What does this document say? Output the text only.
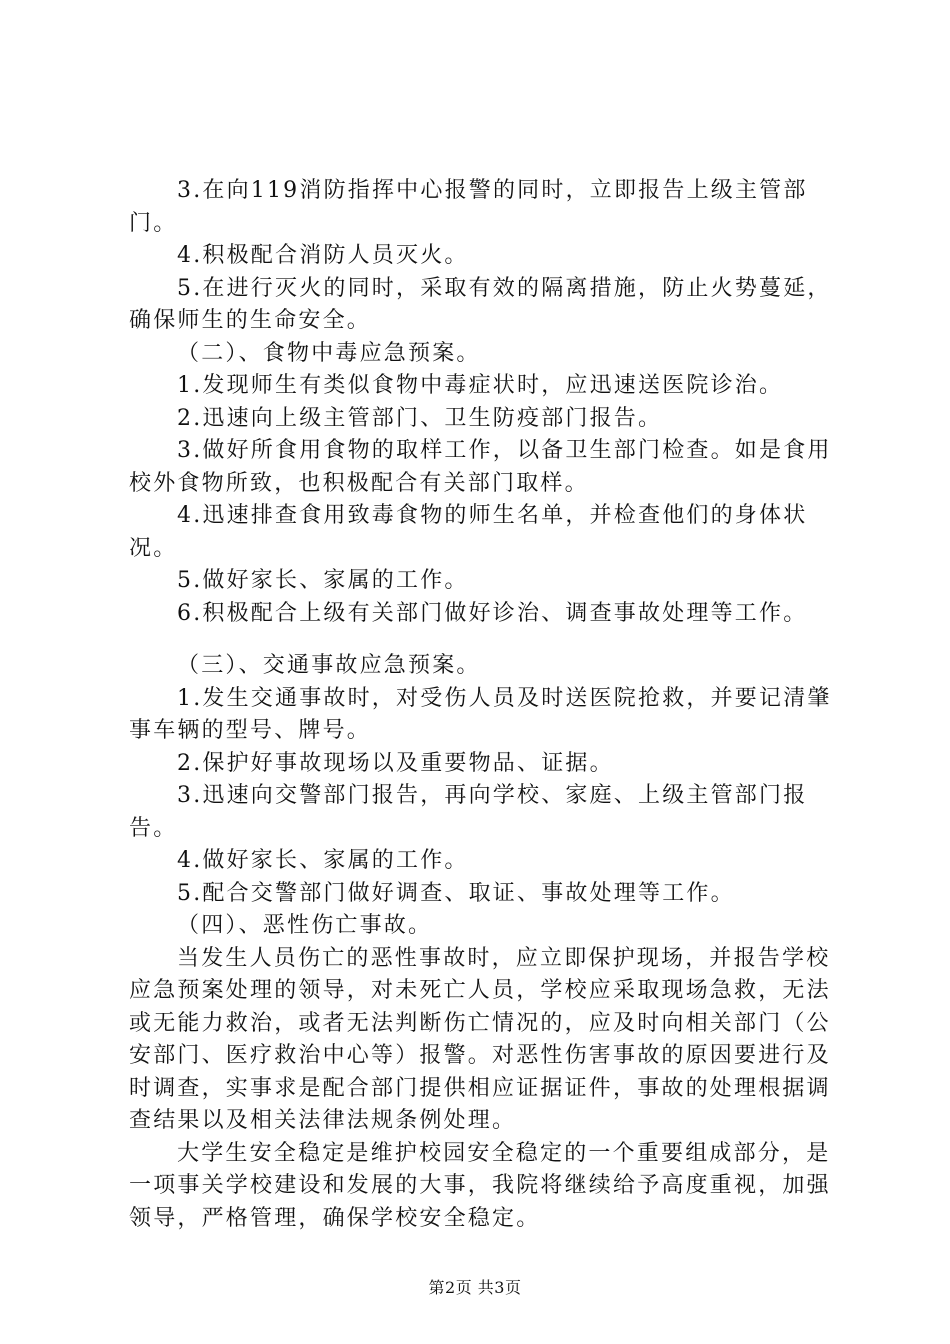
3.在向119消防指挥中心报警的同时，立即报告上级主管部门。

4.积极配合消防人员灭火。

5.在进行灭火的同时，采取有效的隔离措施，防止火势蔓延，确保师生的生命安全。

（二）、食物中毒应急预案。

1.发现师生有类似食物中毒症状时，应迅速送医院诊治。

2.迅速向上级主管部门、卫生防疫部门报告。

3.做好所食用食物的取样工作，以备卫生部门检查。如是食用校外食物所致，也积极配合有关部门取样。

4.迅速排查食用致毒食物的师生名单，并检查他们的身体状况。

5.做好家长、家属的工作。

6.积极配合上级有关部门做好诊治、调查事故处理等工作。

（三）、交通事故应急预案。

1.发生交通事故时，对受伤人员及时送医院抢救，并要记清肇事车辆的型号、牌号。

2.保护好事故现场以及重要物品、证据。

3.迅速向交警部门报告，再向学校、家庭、上级主管部门报告。

4.做好家长、家属的工作。

5.配合交警部门做好调查、取证、事故处理等工作。

（四）、恶性伤亡事故。

当发生人员伤亡的恶性事故时，应立即保护现场，并报告学校应急预案处理的领导，对未死亡人员，学校应采取现场急救，无法或无能力救治，或者无法判断伤亡情况的，应及时向相关部门（公安部门、医疗救治中心等）报警。对恶性伤害事故的原因要进行及时调查，实事求是配合部门提供相应证据证件，事故的处理根据调查结果以及相关法律法规条例处理。

大学生安全稳定是维护校园安全稳定的一个重要组成部分，是一项事关学校建设和发展的大事，我院将继续给予高度重视，加强领导，严格管理，确保学校安全稳定。

第2页 共3页
